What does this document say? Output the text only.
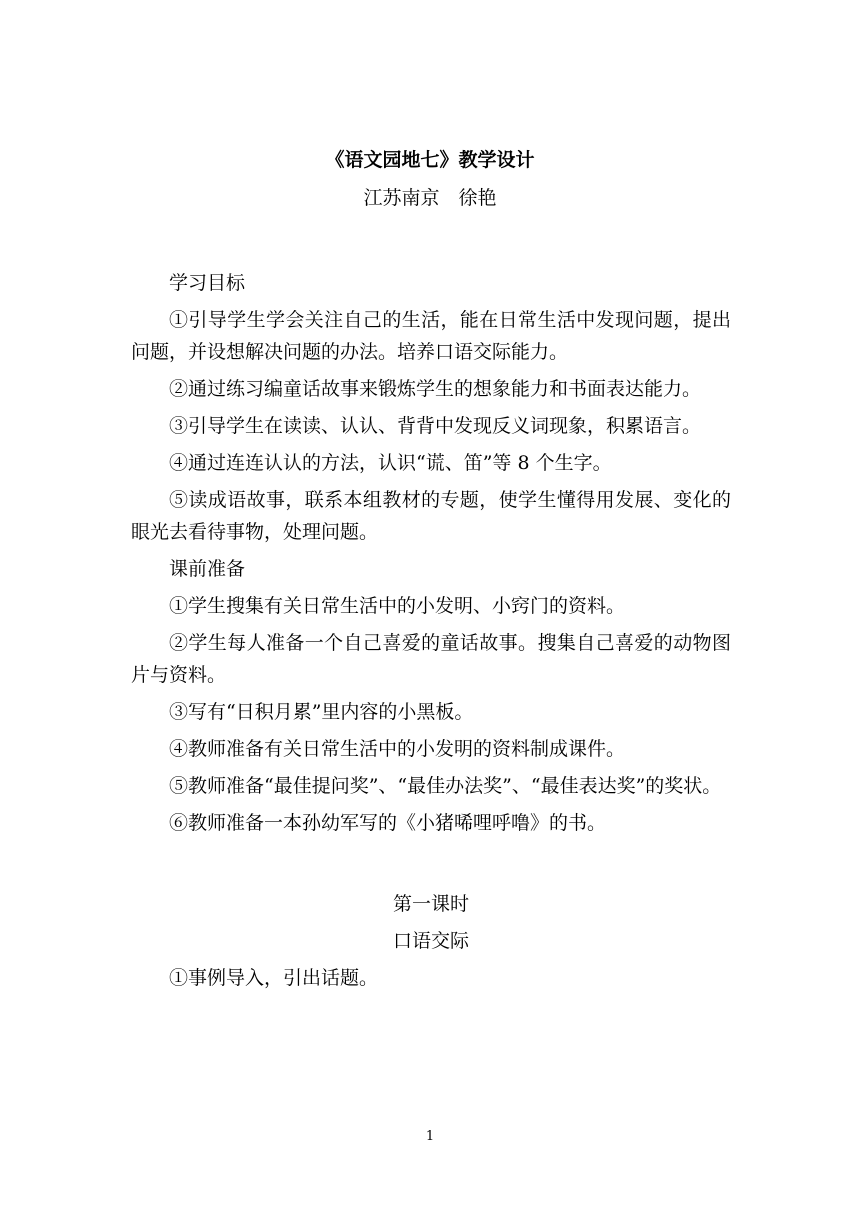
《语文园地七》教学设计
江苏南京　徐艳

学习目标

①引导学生学会关注自己的生活，能在日常生活中发现问题，提出问题，并设想解决问题的办法。培养口语交际能力。

②通过练习编童话故事来锻炼学生的想象能力和书面表达能力。

③引导学生在读读、认认、背背中发现反义词现象，积累语言。

④通过连连认认的方法，认识“谎、笛”等 8 个生字。

⑤读成语故事，联系本组教材的专题，使学生懂得用发展、变化的眼光去看待事物，处理问题。

课前准备

①学生搜集有关日常生活中的小发明、小窍门的资料。

②学生每人准备一个自己喜爱的童话故事。搜集自己喜爱的动物图片与资料。

③写有“日积月累”里内容的小黑板。

④教师准备有关日常生活中的小发明的资料制成课件。

⑤教师准备“最佳提问奖”、“最佳办法奖”、“最佳表达奖”的奖状。

⑥教师准备一本孙幼军写的《小猪唏哩呼噜》的书。

第一课时

口语交际

①事例导入，引出话题。

1
